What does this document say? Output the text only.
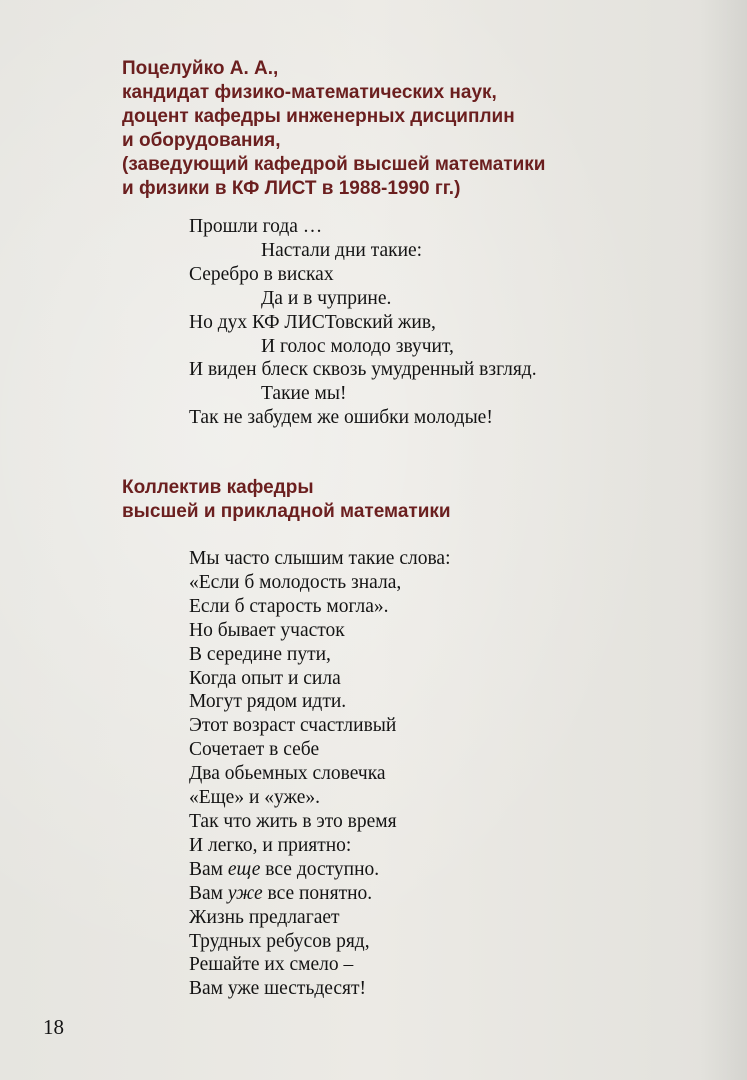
Поцелуйко А. А.,
кандидат физико-математических наук,
доцент кафедры инженерных дисциплин
и оборудования,
(заведующий кафедрой высшей математики
и физики в КФ ЛИСТ в 1988-1990 гг.)
Прошли года …
Настали дни такие:
Серебро в висках
Да и в чуприне.
Но дух КФ ЛИСТовский жив,
И голос молодо звучит,
И виден блеск сквозь умудренный взгляд.
Такие мы!
Так не забудем же ошибки молодые!
Коллектив кафедры
высшей и прикладной математики
Мы часто слышим такие слова:
«Если б молодость знала,
Если б старость могла».
Но бывает участок
В середине пути,
Когда опыт и сила
Могут рядом идти.
Этот возраст счастливый
Сочетает в себе
Два обьемных словечка
«Еще» и «уже».
Так что жить в это время
И легко, и приятно:
Вам еще все доступно.
Вам уже все понятно.
Жизнь предлагает
Трудных ребусов ряд,
Решайте их смело –
Вам уже шестьдесят!
18
